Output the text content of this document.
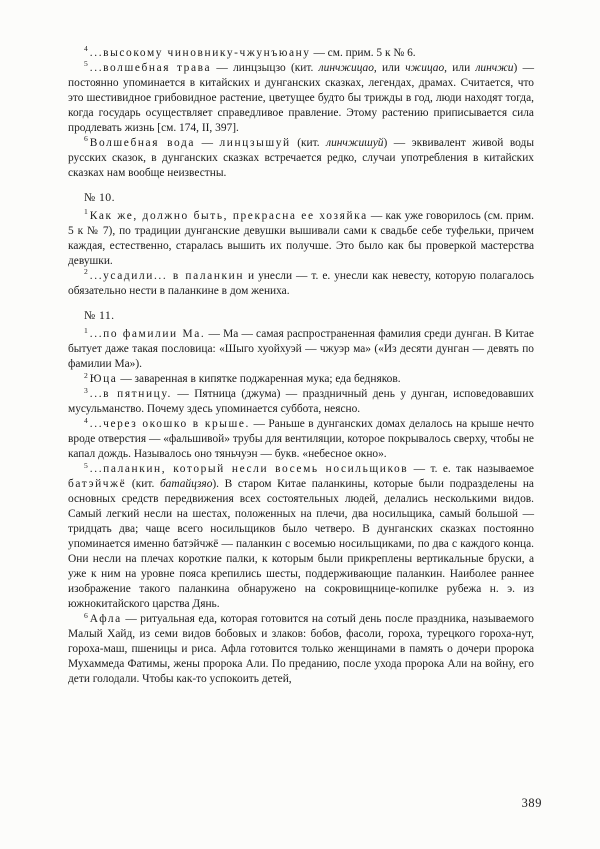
$^4$ ...высокому чиновнику-чжунъюану — см. прим. 5 к № 6.

$^5$ ...волшебная трава — линцзыцзо (кит. линчжицао, или чжицао, или линчжи) — постоянно упоминается в китайских и дунганских сказках, легендах, драмах. Считается, что это шестивидное грибовидное растение, цветущее будто бы трижды в год, люди находят тогда, когда государь осуществляет справедливое правление. Этому растению приписывается сила продлевать жизнь [см. 174, II, 397].

$^6$ Волшебная вода — линцзышуй (кит. линчжишуй) — эквивалент живой воды русских сказок, в дунганских сказках встречается редко, случаи употребления в китайских сказках нам вообще неизвестны.

№ 10.

$^1$ Как же, должно быть, прекрасна ее хозяйка — как уже говорилось (см. прим. 5 к № 7), по традиции дунганские девушки вышивали сами к свадьбе себе туфельки, причем каждая, естественно, старалась вышить их получше. Это было как бы проверкой мастерства девушки.

$^2$ ...усадили... в паланкин и унесли — т. е. унесли как невесту, которую полагалось обязательно нести в паланкине в дом жениха.

№ 11.

$^1$ ...по фамилии Ма. — Ма — самая распространенная фамилия среди дунган. В Китае бытует даже такая пословица: «Шыго хуойхуэй — чжуэр ма» («Из десяти дунган — девять по фамилии Ма»).

$^2$ Юца — заваренная в кипятке поджаренная мука; еда бедняков.

$^3$ ...в пятницу. — Пятница (джума) — праздничный день у дунган, исповедовавших мусульманство. Почему здесь упоминается суббота, неясно.

$^4$ ...через окошко в крыше. — Раньше в дунганских домах делалось на крыше нечто вроде отверстия — «фальшивой» трубы для вентиляции, которое покрывалось сверху, чтобы не капал дождь. Называлось оно тяньчуэн — букв. «небесное окно».

$^5$ ...паланкин, который несли восемь носильщиков — т. е. так называемое батэйчжё (кит. батайцзяо). В старом Китае паланкины, которые были подразделены на основных средств передвижения всех состоятельных людей, делались несколькими видов. Самый легкий несли на шестах, положенных на плечи, два носильщика, самый большой — тридцать два; чаще всего носильщиков было четверо. В дунганских сказках постоянно упоминается именно батэйчжё — паланкин с восемью носильщиками, по два с каждого конца. Они несли на плечах короткие палки, к которым были прикреплены вертикальные бруски, а уже к ним на уровне пояса крепились шесты, поддерживающие паланкин. Наиболее раннее изображение такого паланкина обнаружено на сокровищнице-копилке рубежа н. э. из южнокитайского царства Дянь.

$^6$ Афла — ритуальная еда, которая готовится на сотый день после праздника, называемого Малый Хайд, из семи видов бобовых и злаков: бобов, фасоли, гороха, турецкого гороха-нут, гороха-маш, пшеницы и риса. Афла готовится только женщинами в память о дочери пророка Мухаммеда Фатимы, жены пророка Али. По преданию, после ухода пророка Али на войну, его дети голодали. Чтобы как-то успокоить детей,

389
